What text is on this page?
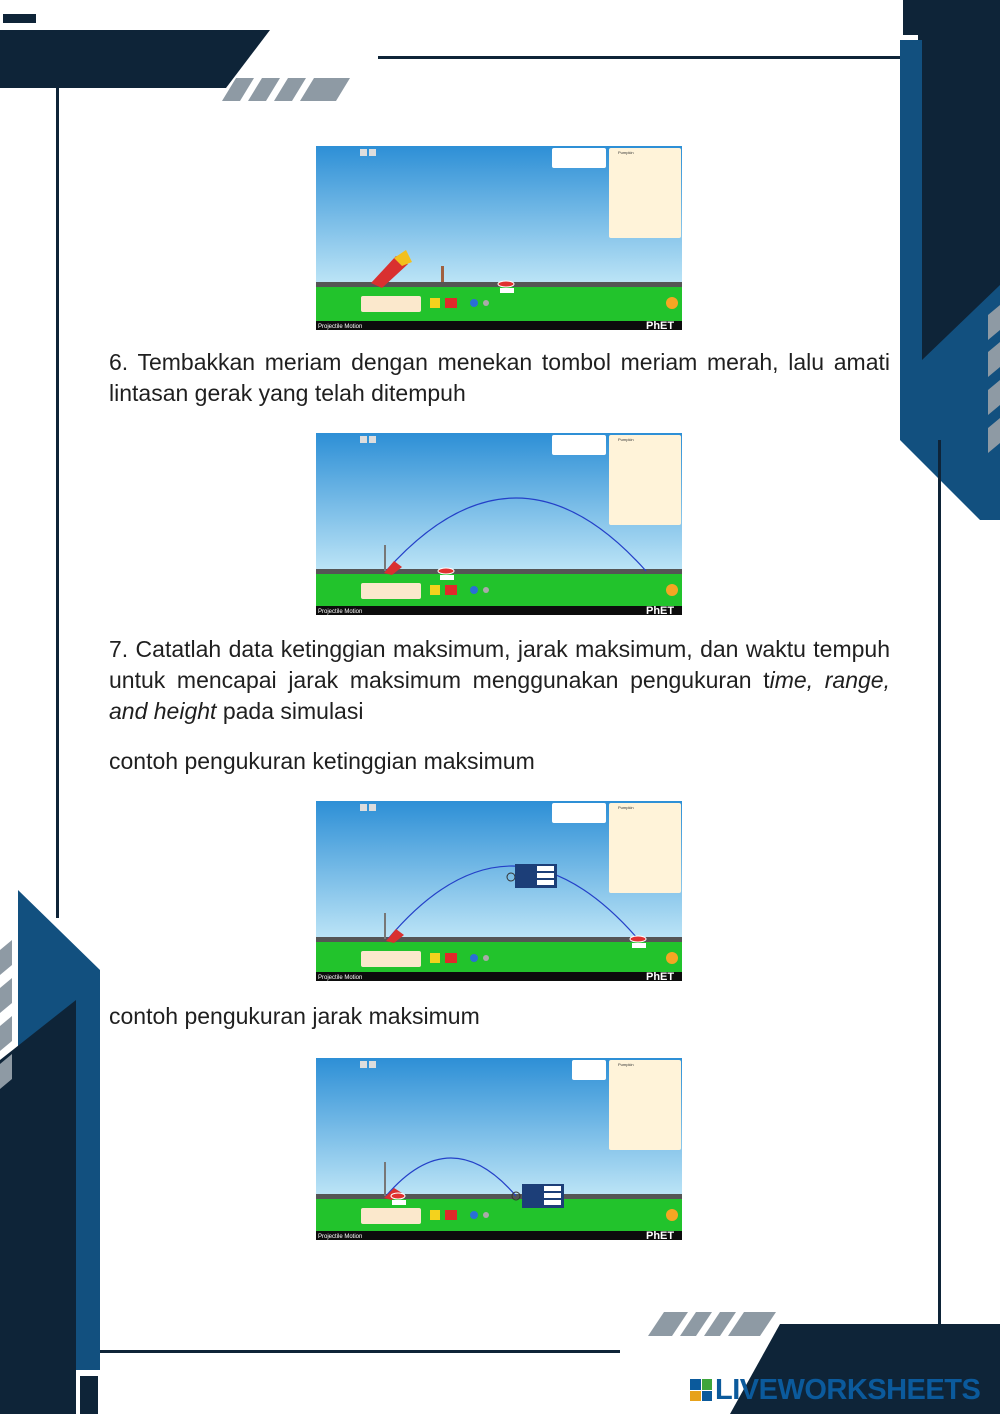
Projectile Motion	PhET
Pumpkin

6. Tembakkan meriam dengan menekan tombol meriam merah, lalu amati lintasan gerak yang telah ditempuh

Projectile Motion	PhET
Pumpkin

7. Catatlah data ketinggian maksimum, jarak maksimum, dan waktu tempuh untuk mencapai jarak maksimum menggunakan pengukuran time, range, and height pada simulasi

contoh pengukuran ketinggian maksimum

Projectile Motion	PhET
Pumpkin

contoh pengukuran jarak maksimum

Projectile Motion	PhET
Pumpkin
LIVEWORKSHEETS
